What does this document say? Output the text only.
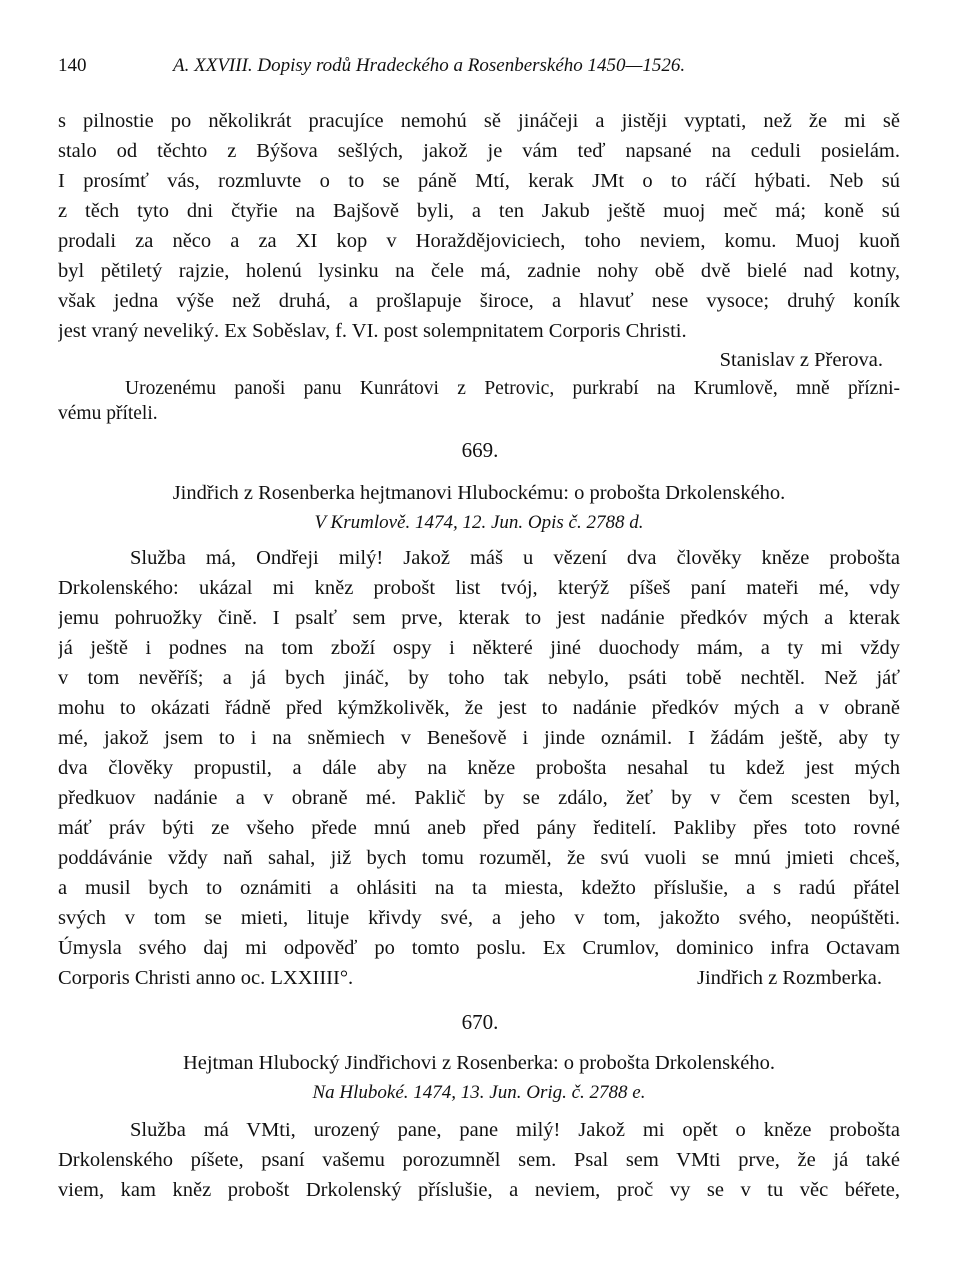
140	A. XXVIII. Dopisy rodů Hradeckého a Rosenberského 1450—1526.
s pilnostie po několikrát pracujíce nemohú sě jináčeji a jistěji vyptati, než že mi sě
stalo od těchto z Býšova sešlých, jakož je vám teď napsané na ceduli posielám.
I prosímť vás, rozmluvte o to se páně Mtí, kerak JMt o to ráčí hýbati. Neb sú
z těch tyto dni čtyřie na Bajšově byli, a ten Jakub ještě muoj meč má; koně sú
prodali za něco a za XI kop v Horaždějoviciech, toho neviem, komu. Muoj kuoň
byl pětiletý rajzie, holenú lysinku na čele má, zadnie nohy obě dvě bielé nad kotny,
však jedna výše než druhá, a prošlapuje široce, a hlavuť nese vysoce; druhý koník
jest vraný neveliký. Ex Soběslav, f. VI. post solempnitatem Corporis Christi.
Stanislav z Přerova.
Urozenému panoši panu Kunrátovi z Petrovic, purkrabí na Krumlově, mně přízni-
vému příteli.
669.
Jindřich z Rosenberka hejtmanovi Hlubockému: o probošta Drkolenského.
V Krumlově. 1474, 12. Jun. Opis č. 2788 d.
Služba má, Ondřeji milý! Jakož máš u vězení dva člověky kněze probošta
Drkolenského: ukázal mi kněz probošt list tvój, kterýž píšeš paní mateři mé, vdy
jemu pohruožky čině. I psalť sem prve, kterak to jest nadánie předkóv mých a kterak
já ještě i podnes na tom zboží ospy i některé jiné duochody mám, a ty mi vždy
v tom nevěříš; a já bych jináč, by toho tak nebylo, psáti tobě nechtěl. Než jáť
mohu to okázati řádně před kýmžkolivěk, že jest to nadánie předkóv mých a v obraně
mé, jakož jsem to i na sněmiech v Benešově i jinde oznámil. I žádám ještě, aby ty
dva člověky propustil, a dále aby na kněze probošta nesahal tu kdež jest mých
předkuov nadánie a v obraně mé. Paklič by se zdálo, žeť by v čem scesten byl,
máť práv býti ze všeho přede mnú aneb před pány ředitelí. Pakliby přes toto rovné
poddávánie vždy naň sahal, již bych tomu rozuměl, že svú vuoli se mnú jmieti chceš,
a musil bych to oznámiti a ohlásiti na ta miesta, kdežto příslušie, a s radú přátel
svých v tom se mieti, lituje křivdy své, a jeho v tom, jakožto svého, neopúštěti.
Úmysla svého daj mi odpověď po tomto poslu. Ex Crumlov, dominico infra Octavam
Corporis Christi anno oc. LXXIIII°.	Jindřich z Rozmberka.
670.
Hejtman Hlubocký Jindřichovi z Rosenberka: o probošta Drkolenského.
Na Hluboké. 1474, 13. Jun. Orig. č. 2788 e.
Služba má VMti, urozený pane, pane milý! Jakož mi opět o kněze probošta
Drkolenského píšete, psaní vašemu porozumněl sem. Psal sem VMti prve, že já také
viem, kam kněz probošt Drkolenský příslušie, a neviem, proč vy se v tu věc béřete,
